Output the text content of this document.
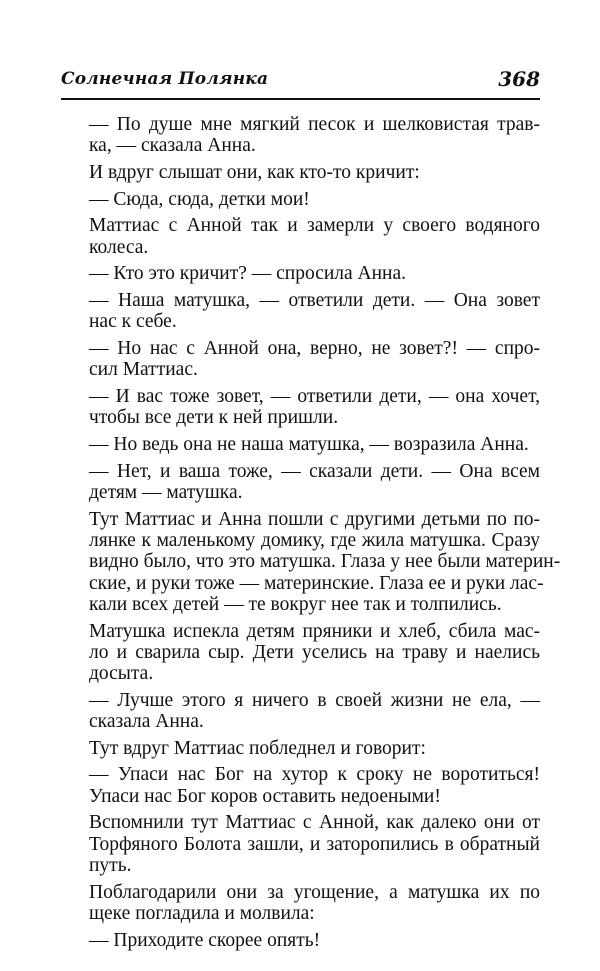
Солнечная Полянка	368
— По душе мне мягкий песок и шелковистая трав-
ка, — сказала Анна.
И вдруг слышат они, как кто-то кричит:
— Сюда, сюда, детки мои!
Маттиас с Анной так и замерли у своего водяного
колеса.
— Кто это кричит? — спросила Анна.
— Наша матушка, — ответили дети. — Она зовет
нас к себе.
— Но нас с Анной она, верно, не зовет?! — спро-
сил Маттиас.
— И вас тоже зовет, — ответили дети, — она хочет,
чтобы все дети к ней пришли.
— Но ведь она не наша матушка, — возразила Анна.
— Нет, и ваша тоже, — сказали дети. — Она всем
детям — матушка.
Тут Маттиас и Анна пошли с другими детьми по по-
лянке к маленькому домику, где жила матушка. Сразу
видно было, что это матушка. Глаза у нее были материн-
ские, и руки тоже — материнские. Глаза ее и руки лас-
кали всех детей — те вокруг нее так и толпились.
Матушка испекла детям пряники и хлеб, сбила мас-
ло и сварила сыр. Дети уселись на траву и наелись
досыта.
— Лучше этого я ничего в своей жизни не ела, —
сказала Анна.
Тут вдруг Маттиас побледнел и говорит:
— Упаси нас Бог на хутор к сроку не воротиться!
Упаси нас Бог коров оставить недоеными!
Вспомнили тут Маттиас с Анной, как далеко они от
Торфяного Болота зашли, и заторопились в обратный
путь.
Поблагодарили они за угощение, а матушка их по
щеке погладила и молвила:
— Приходите скорее опять!
